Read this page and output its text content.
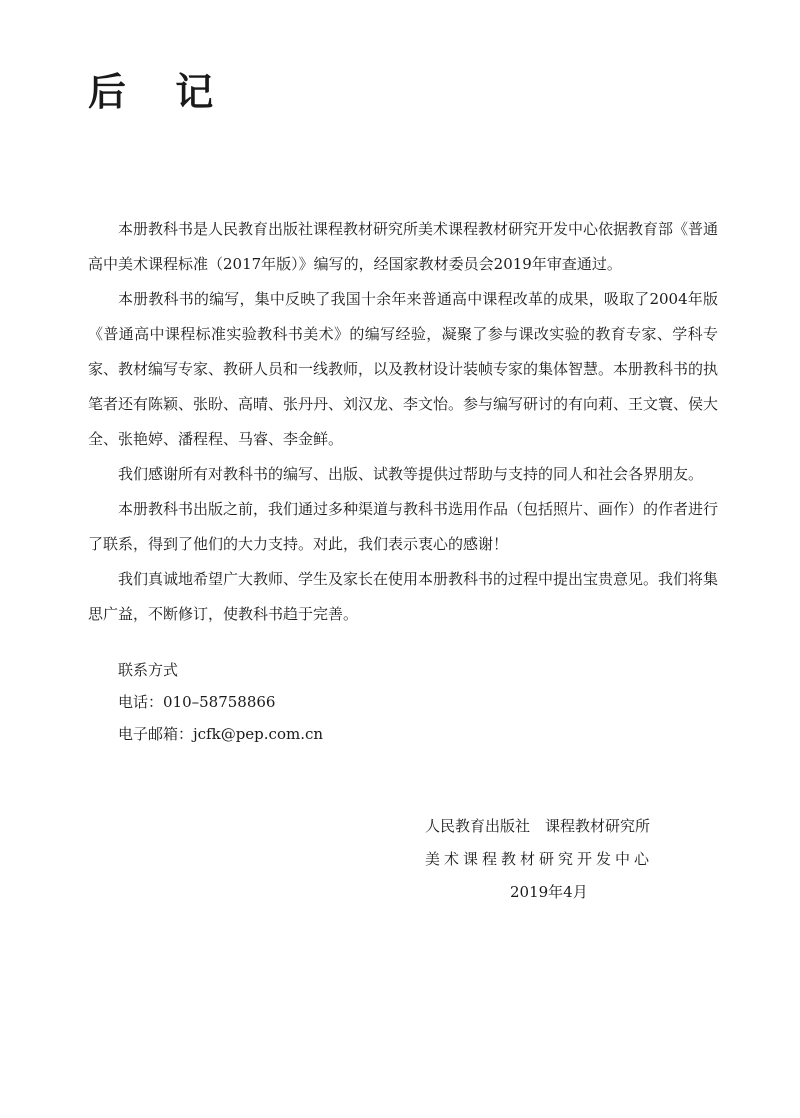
后 记

本册教科书是人民教育出版社课程教材研究所美术课程教材研究开发中心依据教育部《普通高中美术课程标准（2017年版）》编写的，经国家教材委员会2019年审查通过。

本册教科书的编写，集中反映了我国十余年来普通高中课程改革的成果，吸取了2004年版《普通高中课程标准实验教科书美术》的编写经验，凝聚了参与课改实验的教育专家、学科专家、教材编写专家、教研人员和一线教师，以及教材设计装帧专家的集体智慧。本册教科书的执笔者还有陈颖、张盼、高晴、张丹丹、刘汉龙、李文怡。参与编写研讨的有向莉、王文寰、侯大全、张艳婷、潘程程、马睿、李金鲜。

我们感谢所有对教科书的编写、出版、试教等提供过帮助与支持的同人和社会各界朋友。

本册教科书出版之前，我们通过多种渠道与教科书选用作品（包括照片、画作）的作者进行了联系，得到了他们的大力支持。对此，我们表示衷心的感谢！

我们真诚地希望广大教师、学生及家长在使用本册教科书的过程中提出宝贵意见。我们将集思广益，不断修订，使教科书趋于完善。

联系方式
电话：010–58758866
电子邮箱：jcfk@pep.com.cn
人民教育出版社　课程教材研究所
美术课程教材研究开发中心
2019年4月
